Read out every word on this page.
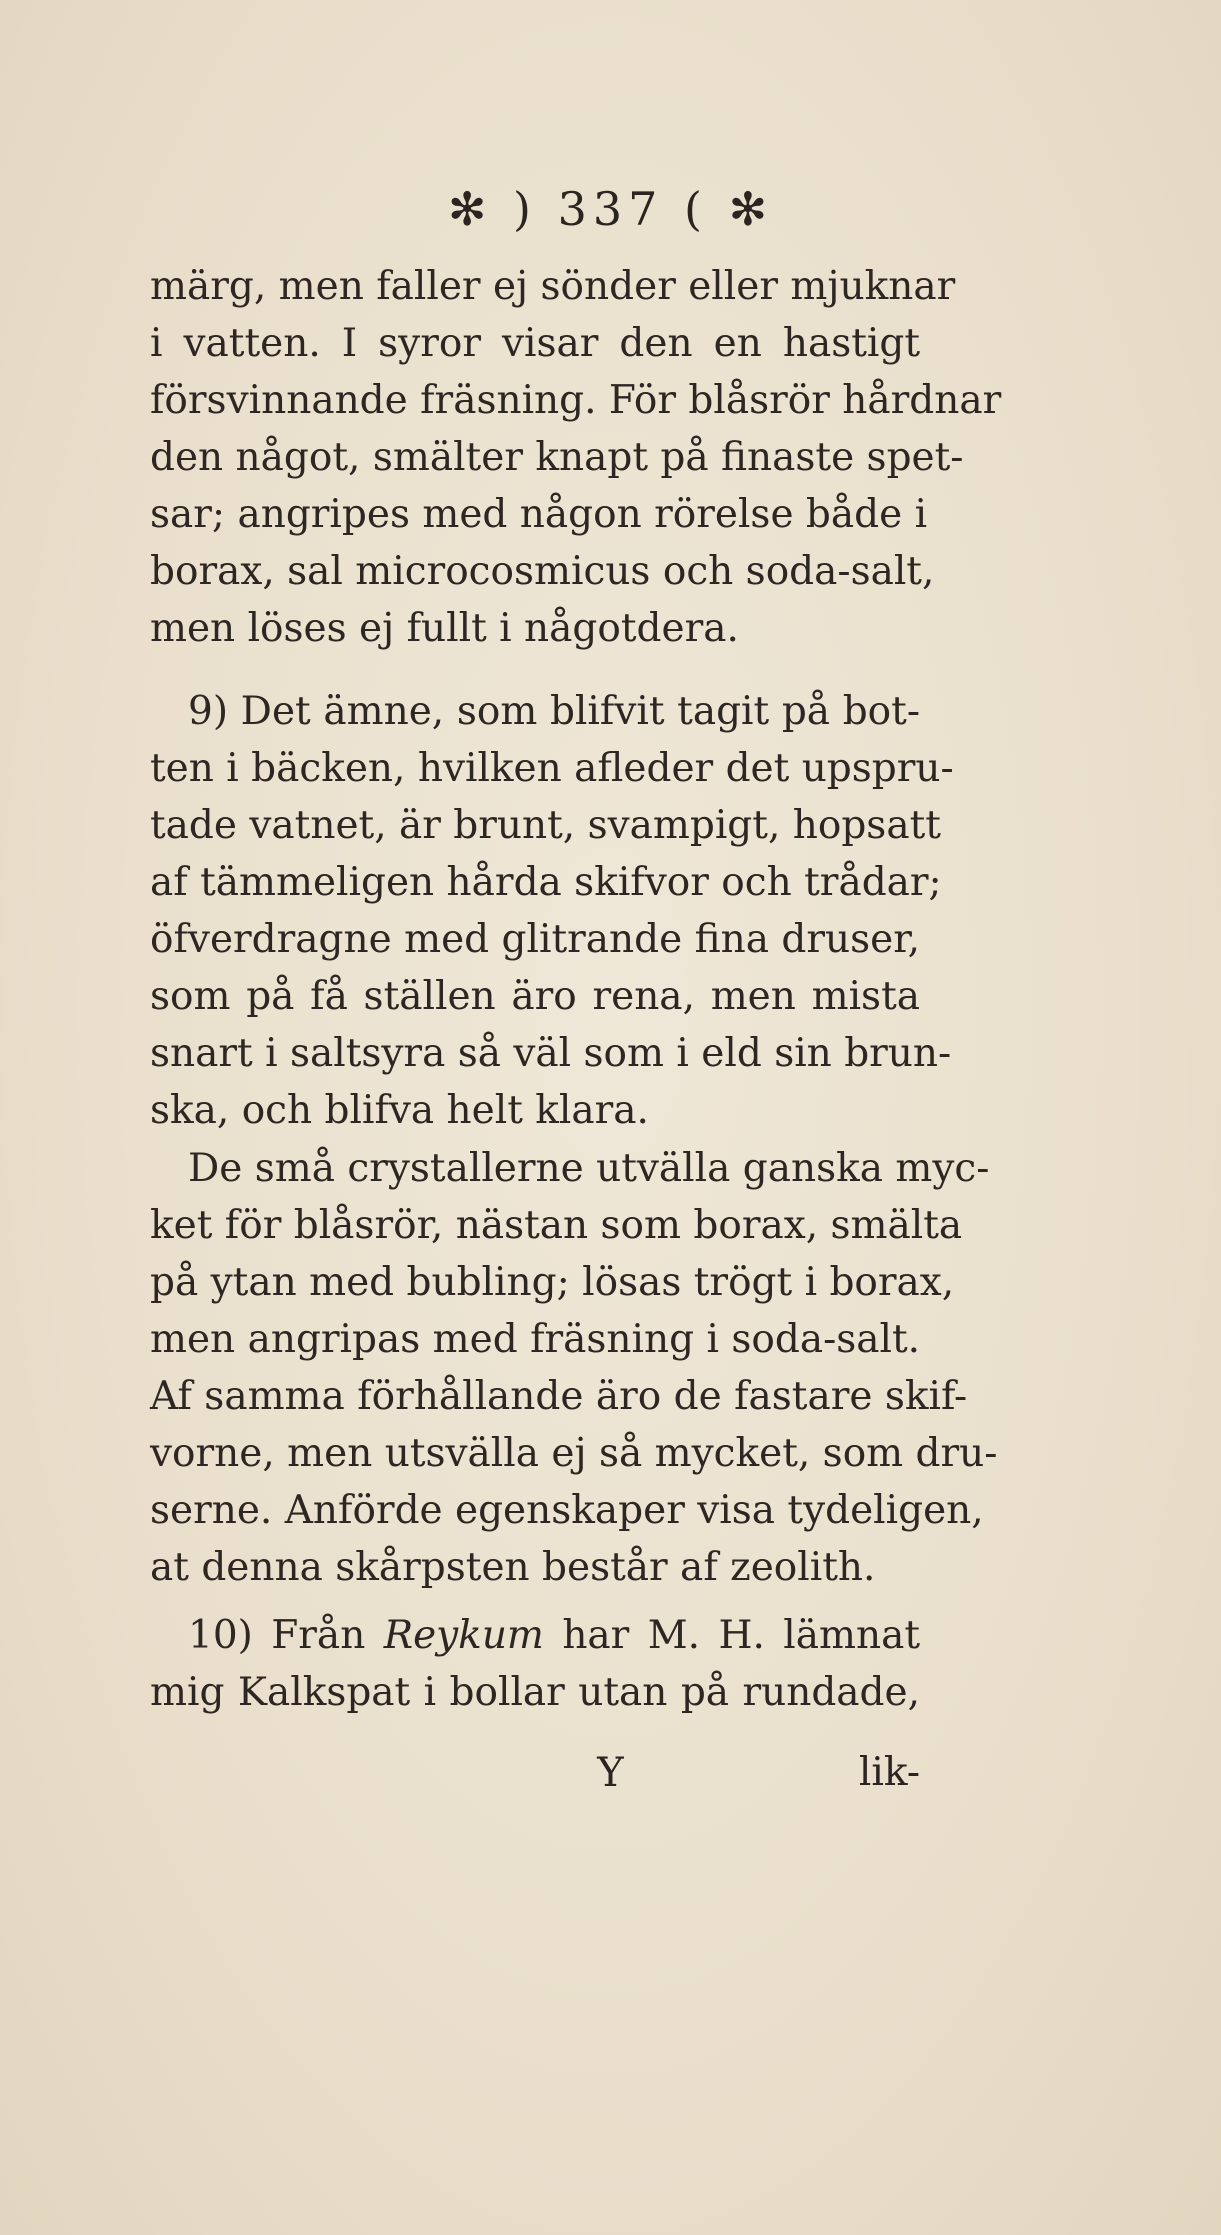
✻ ) 337 ( ✻
märg, men faller ej sönder eller mjuknar
i vatten. I syror visar den en hastigt
försvinnande fräsning. För blåsrör hårdnar
den något, smälter knapt på finaste spet-
sar; angripes med någon rörelse både i
borax, sal microcosmicus och soda-salt,
men löses ej fullt i någotdera.
9) Det ämne, som blifvit tagit på bot-
ten i bäcken, hvilken afleder det upspru-
tade vatnet, är brunt, svampigt, hopsatt
af tämmeligen hårda skifvor och trådar;
öfverdragne med glitrande fina druser,
som på få ställen äro rena, men mista
snart i saltsyra så väl som i eld sin brun-
ska, och blifva helt klara.
De små crystallerne utvälla ganska myc-
ket för blåsrör, nästan som borax, smälta
på ytan med bubling; lösas trögt i borax,
men angripas med fräsning i soda-salt.
Af samma förhållande äro de fastare skif-
vorne, men utsvälla ej så mycket, som dru-
serne. Anförde egenskaper visa tydeligen,
at denna skårpsten består af zeolith.
10) Från Reykum har M. H. lämnat
mig Kalkspat i bollar utan på rundade,
Y	lik-
